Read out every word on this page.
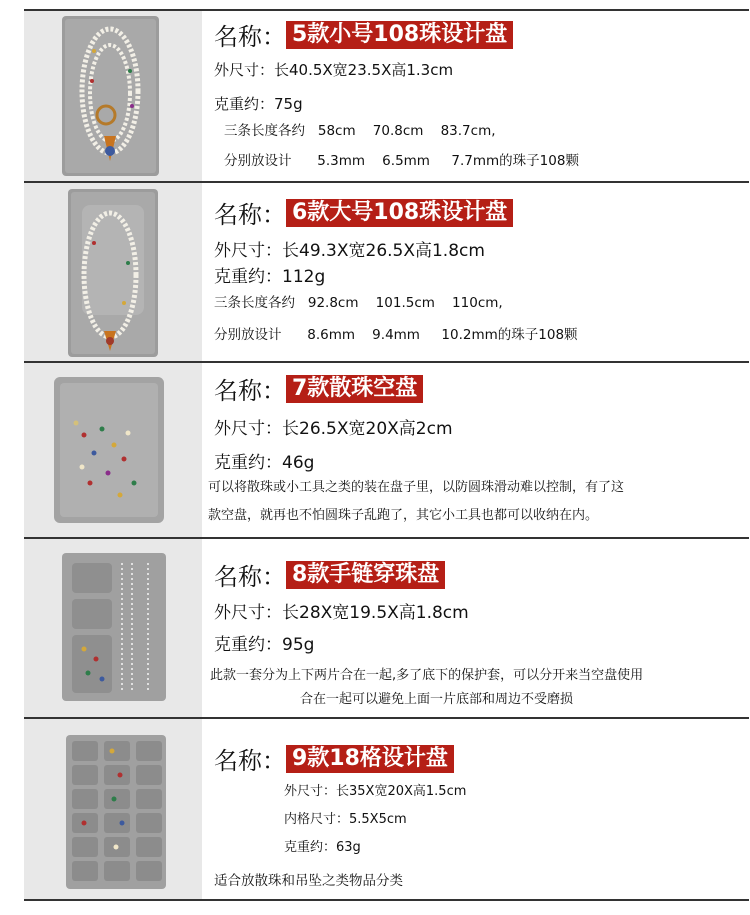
名称： 5款小号108珠设计盘
外尺寸：长40.5X宽23.5X高1.3cm
克重约：75g
三条长度各约   58cm    70.8cm    83.7cm,
分别放设计      5.3mm    6.5mm     7.7mm的珠子108颗
名称： 6款大号108珠设计盘
外尺寸：长49.3X宽26.5X高1.8cm
克重约：112g
三条长度各约   92.8cm    101.5cm    110cm,
分别放设计      8.6mm    9.4mm     10.2mm的珠子108颗
名称： 7款散珠空盘
外尺寸：长26.5X宽20X高2cm
克重约：46g
可以将散珠或小工具之类的装在盘子里，以防圆珠滑动难以控制，有了这
款空盘，就再也不怕圆珠子乱跑了，其它小工具也都可以收纳在内。
名称： 8款手链穿珠盘
外尺寸：长28X宽19.5X高1.8cm
克重约：95g
此款一套分为上下两片合在一起,多了底下的保护套，可以分开来当空盘使用
合在一起可以避免上面一片底部和周边不受磨损
名称： 9款18格设计盘
外尺寸：长35X宽20X高1.5cm
内格尺寸：5.5X5cm
克重约：63g
适合放散珠和吊坠之类物品分类
